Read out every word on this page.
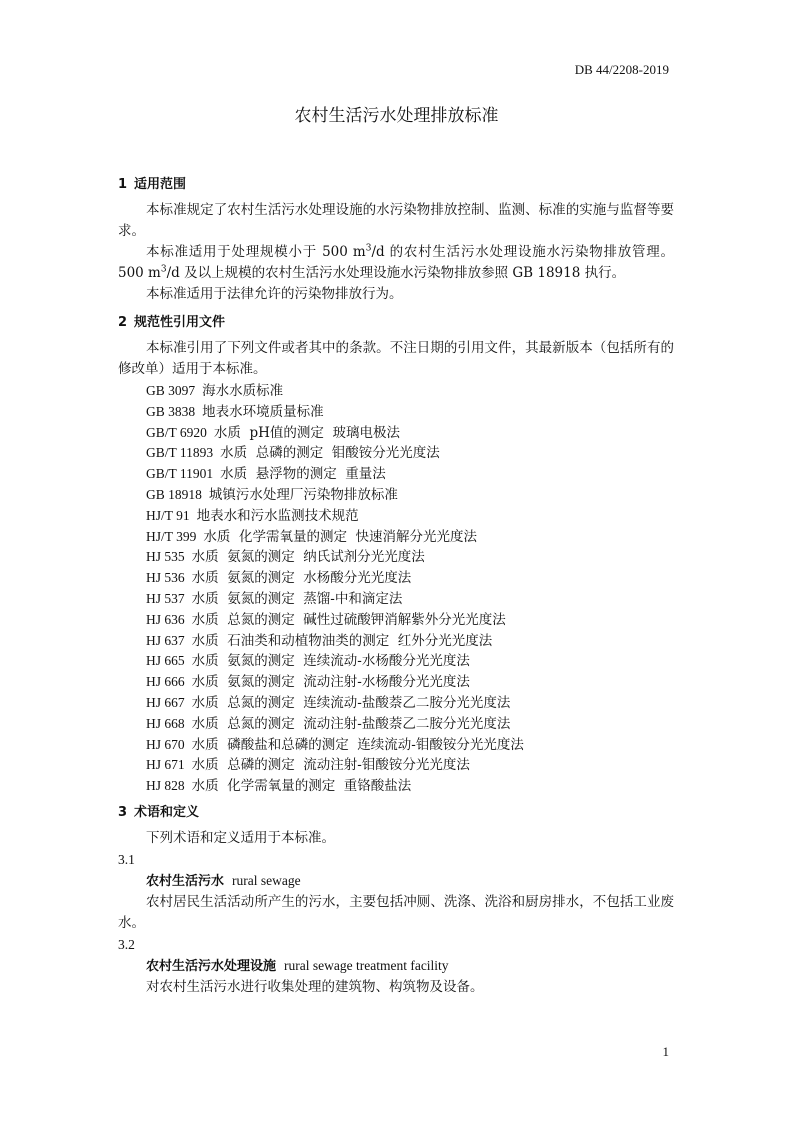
DB 44/2208-2019
农村生活污水处理排放标准
1 适用范围
本标准规定了农村生活污水处理设施的水污染物排放控制、监测、标准的实施与监督等要求。
本标准适用于处理规模小于 500 $m^3/d$ 的农村生活污水处理设施水污染物排放管理。500 $m^3/d$ 及以上规模的农村生活污水处理设施水污染物排放参照 GB 18918 执行。
本标准适用于法律允许的污染物排放行为。
2 规范性引用文件
本标准引用了下列文件或者其中的条款。不注日期的引用文件，其最新版本（包括所有的修改单）适用于本标准。
GB 3097 海水水质标准
GB 3838 地表水环境质量标准
GB/T 6920 水质  pH值的测定  玻璃电极法
GB/T 11893 水质  总磷的测定  钼酸铵分光光度法
GB/T 11901 水质  悬浮物的测定  重量法
GB 18918 城镇污水处理厂污染物排放标准
HJ/T 91 地表水和污水监测技术规范
HJ/T 399 水质  化学需氧量的测定  快速消解分光光度法
HJ 535 水质  氨氮的测定  纳氏试剂分光光度法
HJ 536 水质  氨氮的测定  水杨酸分光光度法
HJ 537 水质  氨氮的测定  蒸馏-中和滴定法
HJ 636 水质  总氮的测定  碱性过硫酸钾消解紫外分光光度法
HJ 637 水质  石油类和动植物油类的测定  红外分光光度法
HJ 665 水质  氨氮的测定  连续流动-水杨酸分光光度法
HJ 666 水质  氨氮的测定  流动注射-水杨酸分光光度法
HJ 667 水质  总氮的测定  连续流动-盐酸萘乙二胺分光光度法
HJ 668 水质  总氮的测定  流动注射-盐酸萘乙二胺分光光度法
HJ 670 水质  磷酸盐和总磷的测定  连续流动-钼酸铵分光光度法
HJ 671 水质  总磷的测定  流动注射-钼酸铵分光光度法
HJ 828 水质  化学需氧量的测定  重铬酸盐法
3 术语和定义
下列术语和定义适用于本标准。
3.1
农村生活污水 rural sewage
农村居民生活活动所产生的污水，主要包括冲厕、洗涤、洗浴和厨房排水，不包括工业废水。
3.2
农村生活污水处理设施 rural sewage treatment facility
对农村生活污水进行收集处理的建筑物、构筑物及设备。
1
